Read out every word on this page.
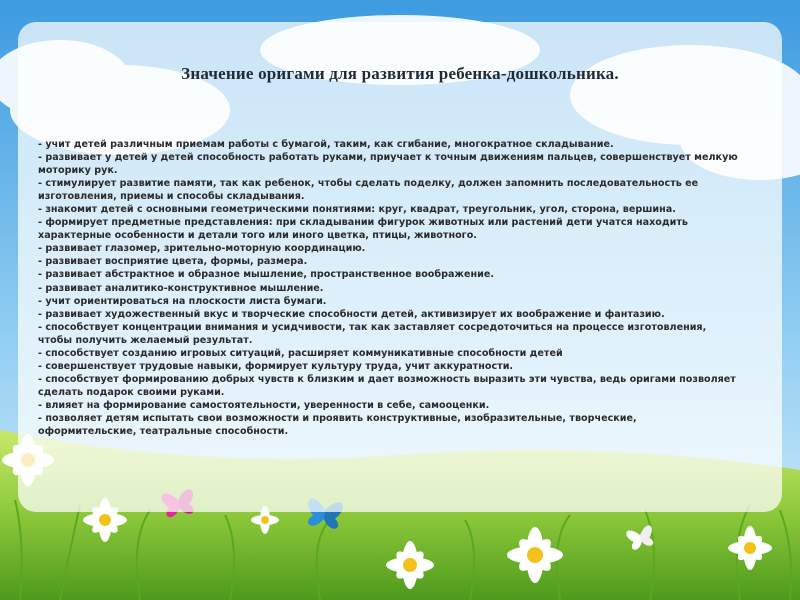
Значение оригами для развития ребенка-дошкольника.

- учит детей различным приемам работы с бумагой, таким, как сгибание, многократное складывание.

- развивает у детей у детей способность работать руками, приучает к точным движениям пальцев, совершенствует мелкую моторику рук.

- стимулирует развитие памяти, так как ребенок, чтобы сделать поделку, должен запомнить последовательность ее изготовления, приемы и способы складывания.

- знакомит детей с основными геометрическими понятиями: круг, квадрат, треугольник, угол, сторона, вершина.

- формирует предметные представления: при складывании фигурок животных или растений дети учатся находить характерные особенности и детали того или иного цветка, птицы, животного.

- развивает глазомер, зрительно-моторную координацию.

- развивает восприятие цвета, формы, размера.

- развивает абстрактное и образное мышление, пространственное воображение.

- развивает аналитико-конструктивное мышление.

- учит ориентироваться на плоскости листа бумаги.

- развивает художественный вкус и творческие способности детей, активизирует их воображение и фантазию.

- способствует концентрации внимания и усидчивости, так как заставляет сосредоточиться на процессе изготовления, чтобы получить желаемый результат.

- способствует созданию игровых ситуаций, расширяет коммуникативные способности детей

- совершенствует трудовые навыки, формирует культуру труда, учит аккуратности.

- способствует формированию добрых чувств к близким и дает возможность выразить эти чувства, ведь оригами позволяет сделать подарок своими руками.

- влияет на формирование самостоятельности, уверенности в себе, самооценки.

- позволяет детям испытать свои возможности и проявить конструктивные, изобразительные, творческие, оформительские, театральные способности.
